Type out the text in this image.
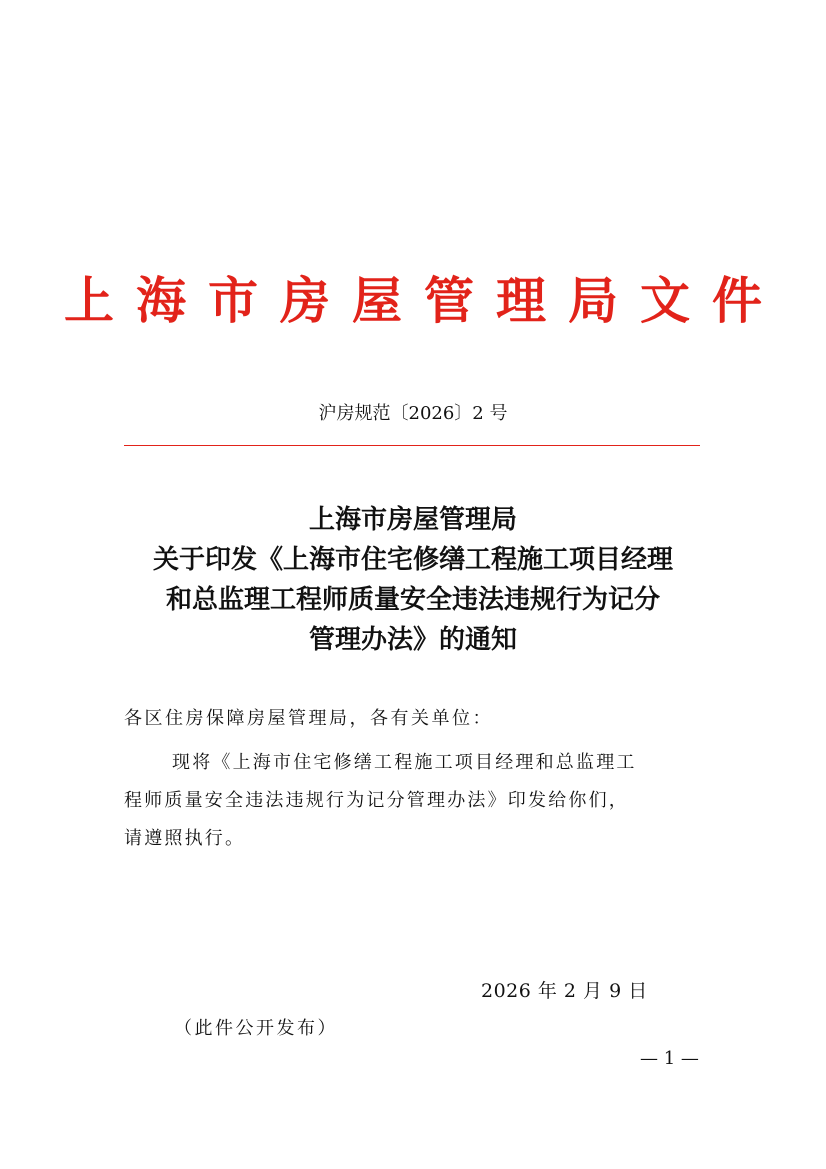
上海市房屋管理局文件
沪房规范〔2026〕2 号
上海市房屋管理局
关于印发《上海市住宅修缮工程施工项目经理
和总监理工程师质量安全违法违规行为记分
管理办法》的通知
各区住房保障房屋管理局，各有关单位：
现将《上海市住宅修缮工程施工项目经理和总监理工
程师质量安全违法违规行为记分管理办法》印发给你们，
请遵照执行。
2026 年 2 月 9 日
（此件公开发布）
— 1 —
